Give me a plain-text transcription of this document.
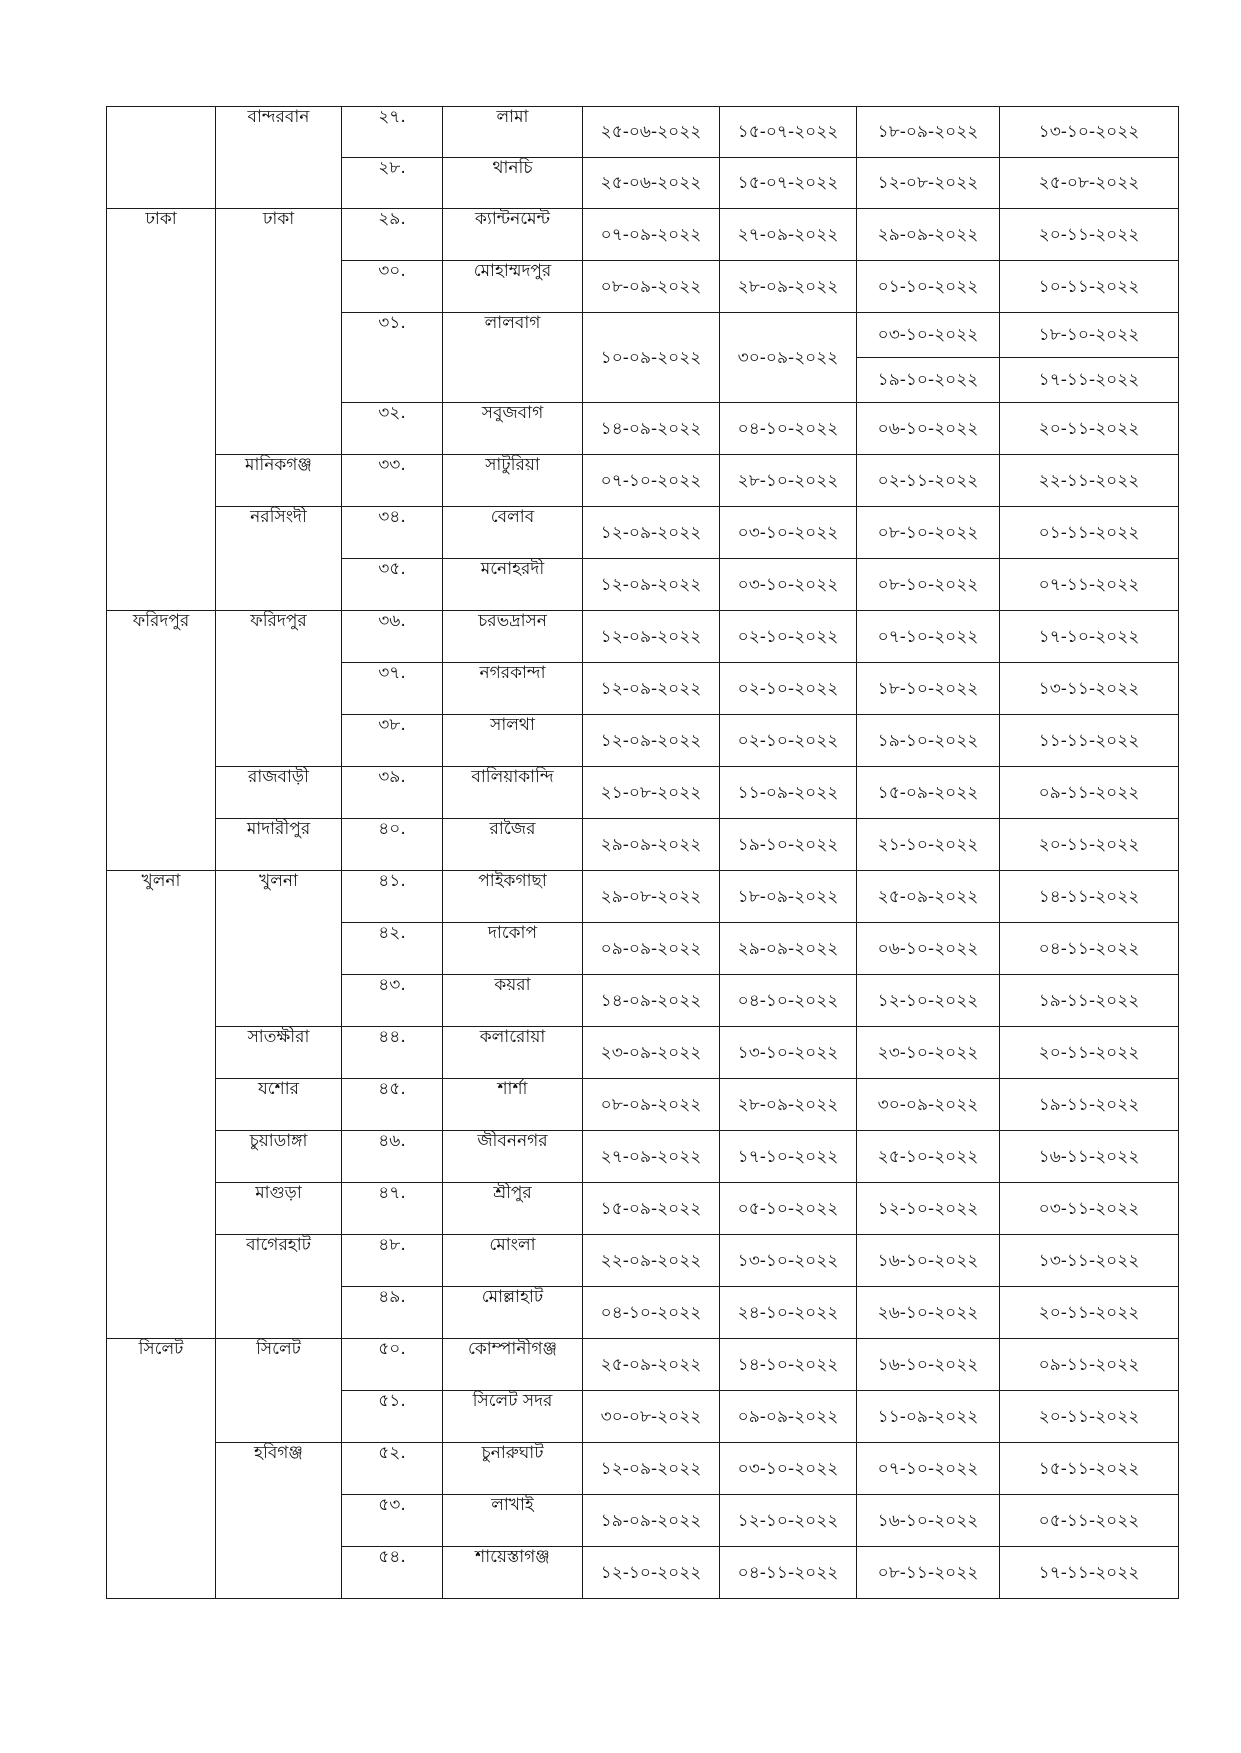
	বান্দরবান	২৭.	লামা	২৫-০৬-২০২২	১৫-০৭-২০২২	১৮-০৯-২০২২	১৩-১০-২০২২
		২৮.	থানচি	২৫-০৬-২০২২	১৫-০৭-২০২২	১২-০৮-২০২২	২৫-০৮-২০২২
ঢাকা	ঢাকা	২৯.	ক্যান্টনমেন্ট	০৭-০৯-২০২২	২৭-০৯-২০২২	২৯-০৯-২০২২	২০-১১-২০২২
		৩০.	মোহাম্মদপুর	০৮-০৯-২০২২	২৮-০৯-২০২২	০১-১০-২০২২	১০-১১-২০২২
		৩১.	লালবাগ	১০-০৯-২০২২	৩০-০৯-২০২২	০৩-১০-২০২২	১৮-১০-২০২২
						১৯-১০-২০২২	১৭-১১-২০২২
		৩২.	সবুজবাগ	১৪-০৯-২০২২	০৪-১০-২০২২	০৬-১০-২০২২	২০-১১-২০২২
	মানিকগঞ্জ	৩৩.	সাটুরিয়া	০৭-১০-২০২২	২৮-১০-২০২২	০২-১১-২০২২	২২-১১-২০২২
	নরসিংদী	৩৪.	বেলাব	১২-০৯-২০২২	০৩-১০-২০২২	০৮-১০-২০২২	০১-১১-২০২২
		৩৫.	মনোহরদী	১২-০৯-২০২২	০৩-১০-২০২২	০৮-১০-২০২২	০৭-১১-২০২২
ফরিদপুর	ফরিদপুর	৩৬.	চরভদ্রাসন	১২-০৯-২০২২	০২-১০-২০২২	০৭-১০-২০২২	১৭-১০-২০২২
		৩৭.	নগরকান্দা	১২-০৯-২০২২	০২-১০-২০২২	১৮-১০-২০২২	১৩-১১-২০২২
		৩৮.	সালথা	১২-০৯-২০২২	০২-১০-২০২২	১৯-১০-২০২২	১১-১১-২০২২
	রাজবাড়ী	৩৯.	বালিয়াকান্দি	২১-০৮-২০২২	১১-০৯-২০২২	১৫-০৯-২০২২	০৯-১১-২০২২
	মাদারীপুর	৪০.	রাজৈর	২৯-০৯-২০২২	১৯-১০-২০২২	২১-১০-২০২২	২০-১১-২০২২
খুলনা	খুলনা	৪১.	পাইকগাছা	২৯-০৮-২০২২	১৮-০৯-২০২২	২৫-০৯-২০২২	১৪-১১-২০২২
		৪২.	দাকোপ	০৯-০৯-২০২২	২৯-০৯-২০২২	০৬-১০-২০২২	০৪-১১-২০২২
		৪৩.	কয়রা	১৪-০৯-২০২২	০৪-১০-২০২২	১২-১০-২০২২	১৯-১১-২০২২
	সাতক্ষীরা	৪৪.	কলারোয়া	২৩-০৯-২০২২	১৩-১০-২০২২	২৩-১০-২০২২	২০-১১-২০২২
	যশোর	৪৫.	শার্শা	০৮-০৯-২০২২	২৮-০৯-২০২২	৩০-০৯-২০২২	১৯-১১-২০২২
	চুয়াডাঙ্গা	৪৬.	জীবননগর	২৭-০৯-২০২২	১৭-১০-২০২২	২৫-১০-২০২২	১৬-১১-২০২২
	মাগুড়া	৪৭.	শ্রীপুর	১৫-০৯-২০২২	০৫-১০-২০২২	১২-১০-২০২২	০৩-১১-২০২২
	বাগেরহাট	৪৮.	মোংলা	২২-০৯-২০২২	১৩-১০-২০২২	১৬-১০-২০২২	১৩-১১-২০২২
		৪৯.	মোল্লাহাট	০৪-১০-২০২২	২৪-১০-২০২২	২৬-১০-২০২২	২০-১১-২০২২
সিলেট	সিলেট	৫০.	কোম্পানীগঞ্জ	২৫-০৯-২০২২	১৪-১০-২০২২	১৬-১০-২০২২	০৯-১১-২০২২
		৫১.	সিলেট সদর	৩০-০৮-২০২২	০৯-০৯-২০২২	১১-০৯-২০২২	২০-১১-২০২২
	হবিগঞ্জ	৫২.	চুনারুঘাট	১২-০৯-২০২২	০৩-১০-২০২২	০৭-১০-২০২২	১৫-১১-২০২২
		৫৩.	লাখাই	১৯-০৯-২০২২	১২-১০-২০২২	১৬-১০-২০২২	০৫-১১-২০২২
		৫৪.	শায়েস্তাগঞ্জ	১২-১০-২০২২	০৪-১১-২০২২	০৮-১১-২০২২	১৭-১১-২০২২
